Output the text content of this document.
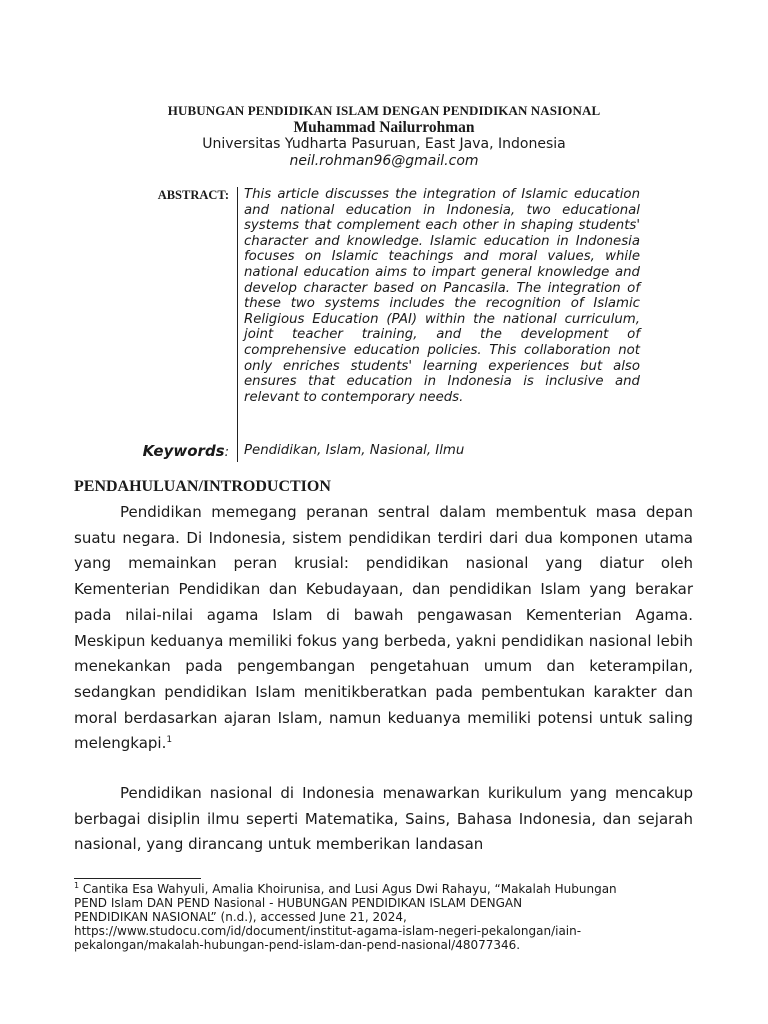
HUBUNGAN PENDIDIKAN ISLAM DENGAN PENDIDIKAN NASIONAL
Muhammad Nailurrohman
Universitas Yudharta Pasuruan, East Java, Indonesia
neil.rohman96@gmail.com
ABSTRACT: This article discusses the integration of Islamic education and national education in Indonesia, two educational systems that complement each other in shaping students' character and knowledge. Islamic education in Indonesia focuses on Islamic teachings and moral values, while national education aims to impart general knowledge and develop character based on Pancasila. The integration of these two systems includes the recognition of Islamic Religious Education (PAI) within the national curriculum, joint teacher training, and the development of comprehensive education policies. This collaboration not only enriches students' learning experiences but also ensures that education in Indonesia is inclusive and relevant to contemporary needs.
Keywords: Pendidikan, Islam, Nasional, Ilmu
PENDAHULUAN/INTRODUCTION

Pendidikan memegang peranan sentral dalam membentuk masa depan suatu negara. Di Indonesia, sistem pendidikan terdiri dari dua komponen utama yang memainkan peran krusial: pendidikan nasional yang diatur oleh Kementerian Pendidikan dan Kebudayaan, dan pendidikan Islam yang berakar pada nilai-nilai agama Islam di bawah pengawasan Kementerian Agama. Meskipun keduanya memiliki fokus yang berbeda, yakni pendidikan nasional lebih menekankan pada pengembangan pengetahuan umum dan keterampilan, sedangkan pendidikan Islam menitikberatkan pada pembentukan karakter dan moral berdasarkan ajaran Islam, namun keduanya memiliki potensi untuk saling melengkapi.$^1$

Pendidikan nasional di Indonesia menawarkan kurikulum yang mencakup berbagai disiplin ilmu seperti Matematika, Sains, Bahasa Indonesia, dan sejarah nasional, yang dirancang untuk memberikan landasan

$^1$ Cantika Esa Wahyuli, Amalia Khoirunisa, and Lusi Agus Dwi Rahayu, “Makalah Hubungan
PEND Islam DAN PEND Nasional - HUBUNGAN PENDIDIKAN ISLAM DENGAN
PENDIDIKAN NASIONAL” (n.d.), accessed June 21, 2024,
https://www.studocu.com/id/document/institut-agama-islam-negeri-pekalongan/iain-
pekalongan/makalah-hubungan-pend-islam-dan-pend-nasional/48077346.
